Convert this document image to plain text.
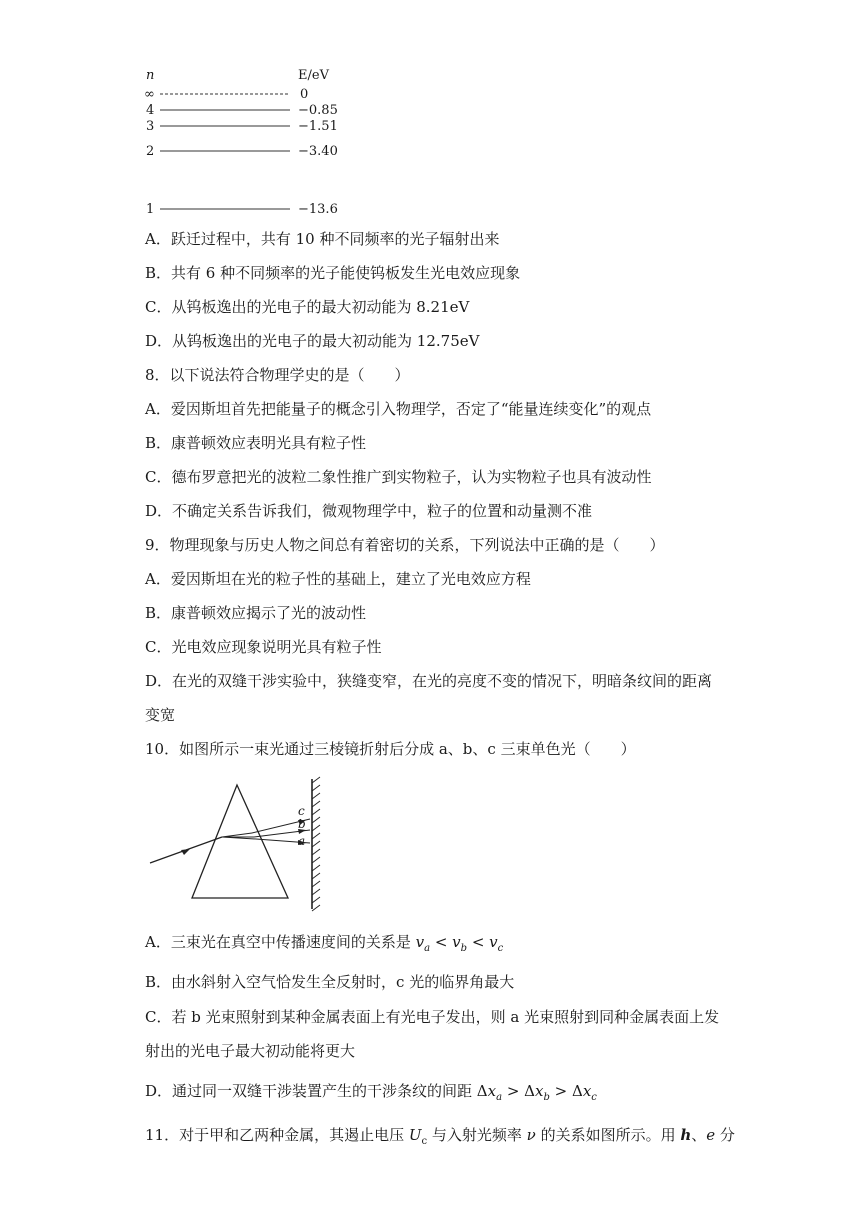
n	E/eV
∞	0
4	−0.85
3	−1.51
2	−3.40
1	−13.6
A．跃迁过程中，共有 10 种不同频率的光子辐射出来
B．共有 6 种不同频率的光子能使钨板发生光电效应现象
C．从钨板逸出的光电子的最大初动能为 8.21eV
D．从钨板逸出的光电子的最大初动能为 12.75eV
8．以下说法符合物理学史的是（　　）
A．爱因斯坦首先把能量子的概念引入物理学，否定了“能量连续变化”的观点
B．康普顿效应表明光具有粒子性
C．德布罗意把光的波粒二象性推广到实物粒子，认为实物粒子也具有波动性
D．不确定关系告诉我们，微观物理学中，粒子的位置和动量测不准
9．物理现象与历史人物之间总有着密切的关系，下列说法中正确的是（　　）
A．爱因斯坦在光的粒子性的基础上，建立了光电效应方程
B．康普顿效应揭示了光的波动性
C．光电效应现象说明光具有粒子性
D．在光的双缝干涉实验中，狭缝变窄，在光的亮度不变的情况下，明暗条纹间的距离
变宽
10．如图所示一束光通过三棱镜折射后分成 a、b、c 三束单色光（　　）
c
b
a
A．三束光在真空中传播速度间的关系是 $v_a < v_b < v_c$
B．由水斜射入空气恰发生全反射时，c 光的临界角最大
C．若 b 光束照射到某种金属表面上有光电子发出，则 a 光束照射到同种金属表面上发
射出的光电子最大初动能将更大
D．通过同一双缝干涉装置产生的干涉条纹的间距 $\Delta x_a > \Delta x_b > \Delta x_c$
11．对于甲和乙两种金属，其遏止电压 $U_c$ 与入射光频率 ν 的关系如图所示。用 h、e 分
